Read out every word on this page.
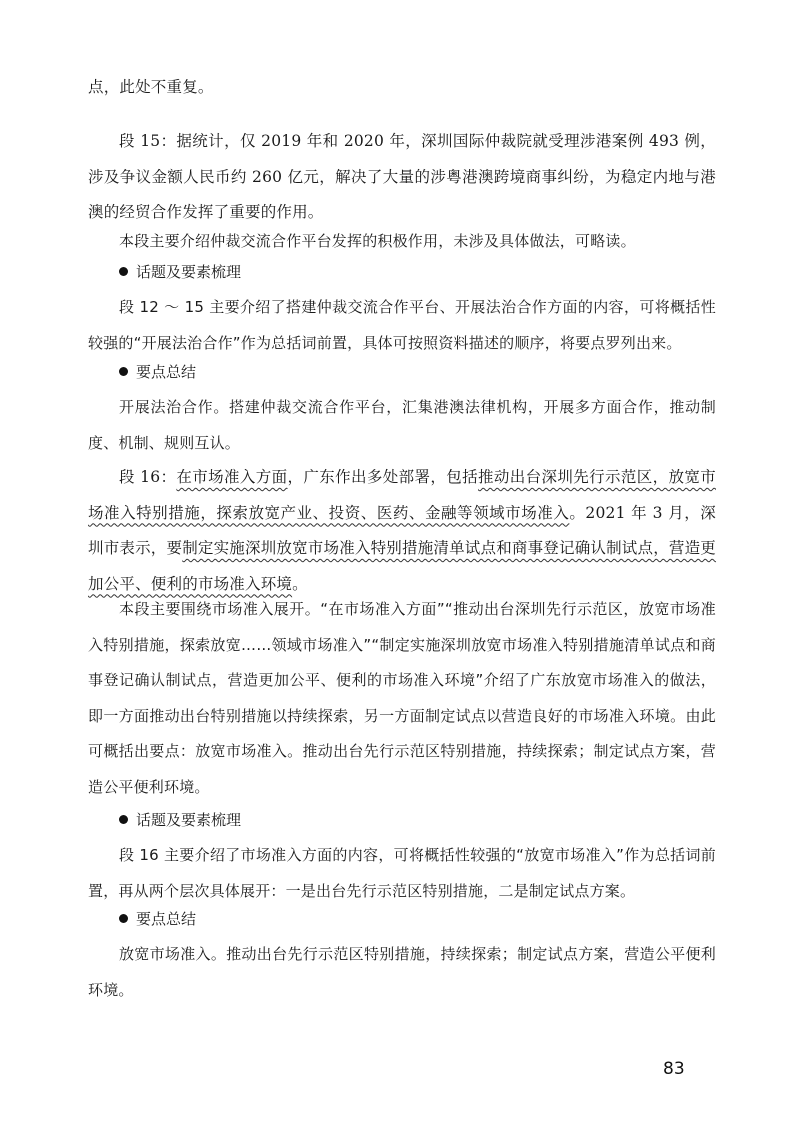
点，此处不重复。

段 15：据统计，仅 2019 年和 2020 年，深圳国际仲裁院就受理涉港案例 493 例，涉及争议金额人民币约 260 亿元，解决了大量的涉粤港澳跨境商事纠纷，为稳定内地与港澳的经贸合作发挥了重要的作用。

本段主要介绍仲裁交流合作平台发挥的积极作用，未涉及具体做法，可略读。

话题及要素梳理

段 12 ～ 15 主要介绍了搭建仲裁交流合作平台、开展法治合作方面的内容，可将概括性较强的“开展法治合作”作为总括词前置，具体可按照资料描述的顺序，将要点罗列出来。

要点总结

开展法治合作。搭建仲裁交流合作平台，汇集港澳法律机构，开展多方面合作，推动制度、机制、规则互认。

段 16：在市场准入方面，广东作出多处部署，包括推动出台深圳先行示范区，放宽市场准入特别措施，探索放宽产业、投资、医药、金融等领域市场准入。2021 年 3 月，深圳市表示，要制定实施深圳放宽市场准入特别措施清单试点和商事登记确认制试点，营造更加公平、便利的市场准入环境。

本段主要围绕市场准入展开。“在市场准入方面”“推动出台深圳先行示范区，放宽市场准入特别措施，探索放宽……领域市场准入”“制定实施深圳放宽市场准入特别措施清单试点和商事登记确认制试点，营造更加公平、便利的市场准入环境”介绍了广东放宽市场准入的做法，即一方面推动出台特别措施以持续探索，另一方面制定试点以营造良好的市场准入环境。由此可概括出要点：放宽市场准入。推动出台先行示范区特别措施，持续探索；制定试点方案，营造公平便利环境。

话题及要素梳理

段 16 主要介绍了市场准入方面的内容，可将概括性较强的“放宽市场准入”作为总括词前置，再从两个层次具体展开：一是出台先行示范区特别措施，二是制定试点方案。

要点总结

放宽市场准入。推动出台先行示范区特别措施，持续探索；制定试点方案，营造公平便利环境。

83
